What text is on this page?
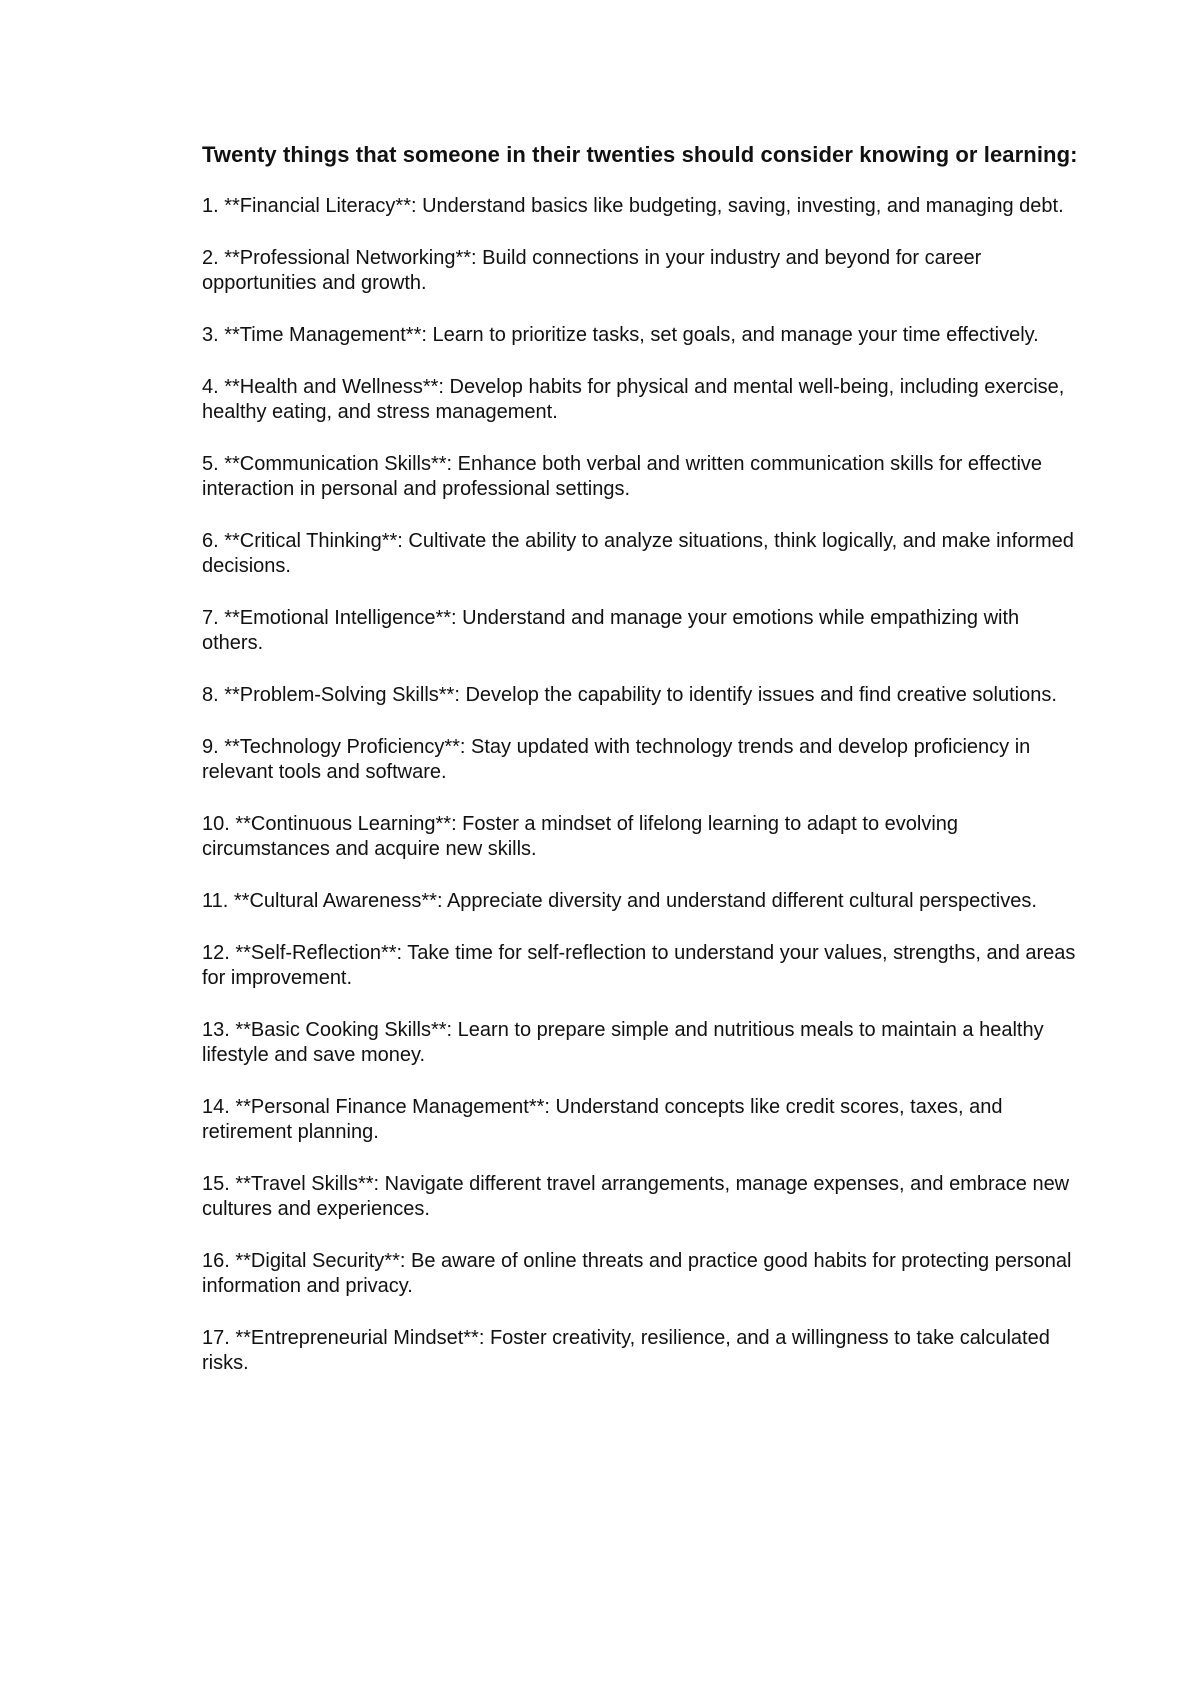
Twenty things that someone in their twenties should consider knowing or learning:
1. **Financial Literacy**: Understand basics like budgeting, saving, investing, and managing debt.
2. **Professional Networking**: Build connections in your industry and beyond for career opportunities and growth.
3. **Time Management**: Learn to prioritize tasks, set goals, and manage your time effectively.
4. **Health and Wellness**: Develop habits for physical and mental well-being, including exercise, healthy eating, and stress management.
5. **Communication Skills**: Enhance both verbal and written communication skills for effective interaction in personal and professional settings.
6. **Critical Thinking**: Cultivate the ability to analyze situations, think logically, and make informed decisions.
7. **Emotional Intelligence**: Understand and manage your emotions while empathizing with others.
8. **Problem-Solving Skills**: Develop the capability to identify issues and find creative solutions.
9. **Technology Proficiency**: Stay updated with technology trends and develop proficiency in relevant tools and software.
10. **Continuous Learning**: Foster a mindset of lifelong learning to adapt to evolving circumstances and acquire new skills.
11. **Cultural Awareness**: Appreciate diversity and understand different cultural perspectives.
12. **Self-Reflection**: Take time for self-reflection to understand your values, strengths, and areas for improvement.
13. **Basic Cooking Skills**: Learn to prepare simple and nutritious meals to maintain a healthy lifestyle and save money.
14. **Personal Finance Management**: Understand concepts like credit scores, taxes, and retirement planning.
15. **Travel Skills**: Navigate different travel arrangements, manage expenses, and embrace new cultures and experiences.
16. **Digital Security**: Be aware of online threats and practice good habits for protecting personal information and privacy.
17. **Entrepreneurial Mindset**: Foster creativity, resilience, and a willingness to take calculated risks.
